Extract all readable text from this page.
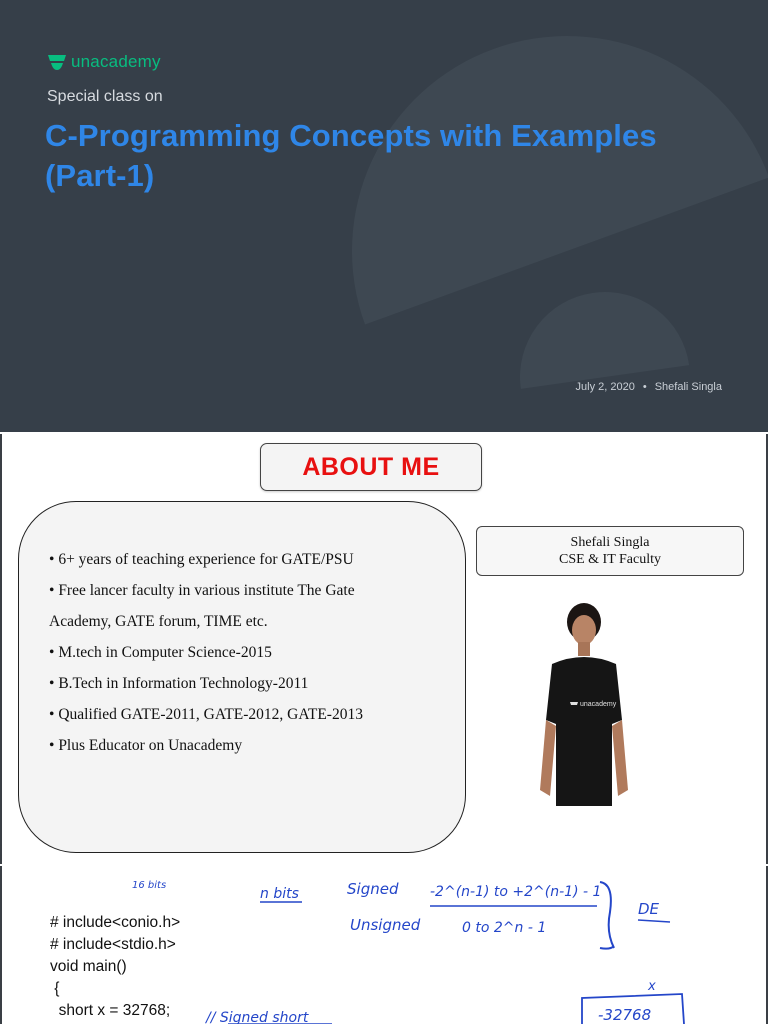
unacademy
Special class on
C-Programming Concepts with Examples
(Part-1)
July 2, 2020 • Shefali Singla
ABOUT ME
• 6+ years of teaching experience for GATE/PSU
• Free lancer faculty in various institute The Gate
Academy, GATE forum, TIME etc.
• M.tech in Computer Science-2015
• B.Tech in Information Technology-2011
• Qualified GATE-2011, GATE-2012, GATE-2013
• Plus Educator on Unacademy
Shefali Singla
CSE & IT Faculty
unacademy
# include<conio.h>
# include<stdio.h>
void main()
{
short x = 32768;
16 bits
n bits	Signed
Unsigned
-2^(n-1) to +2^(n-1) - 1
0 to 2^n - 1
DE
// Signed short
x
-32768
